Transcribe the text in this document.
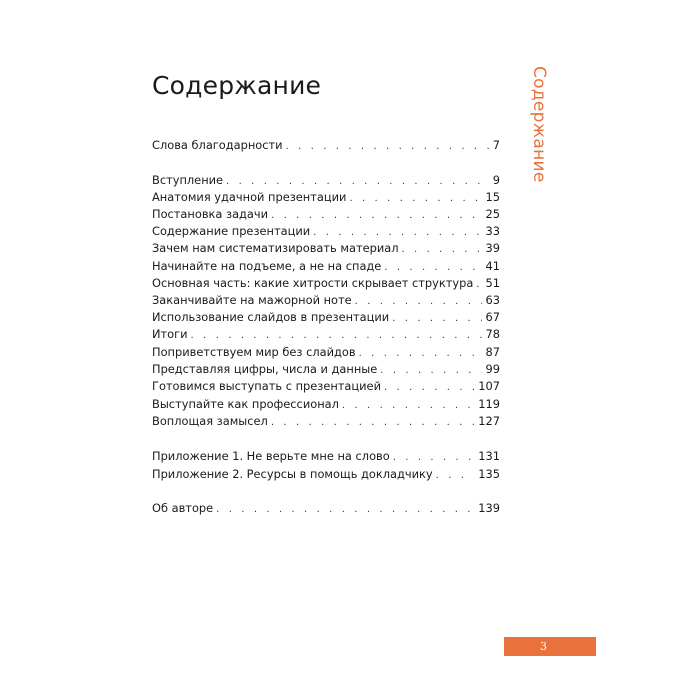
Содержание	Содержание
Слова благодарности . . .	7
Вступление . . .	9
Анатомия удачной презентации . . .	15
Постановка задачи . . .	25
Содержание презентации . . .	33
Зачем нам систематизировать материал . . .	39
Начинайте на подъеме, а не на спаде . . .	41
Основная часть: какие хитрости скрывает структура . . . 51
Заканчивайте на мажорной ноте . . .	63
Использование слайдов в презентации . . .	67
Итоги . . .	78
Поприветствуем мир без слайдов . . .	87
Представляя цифры, числа и данные . . .	99
Готовимся выступать с презентацией . . .	107
Выступайте как профессионал . . .	119
Воплощая замысел . . .	127
Приложение 1. Не верьте мне на слово . . .	131
Приложение 2. Ресурсы в помощь докладчику . . .	135
Об авторе . . .	139
3
